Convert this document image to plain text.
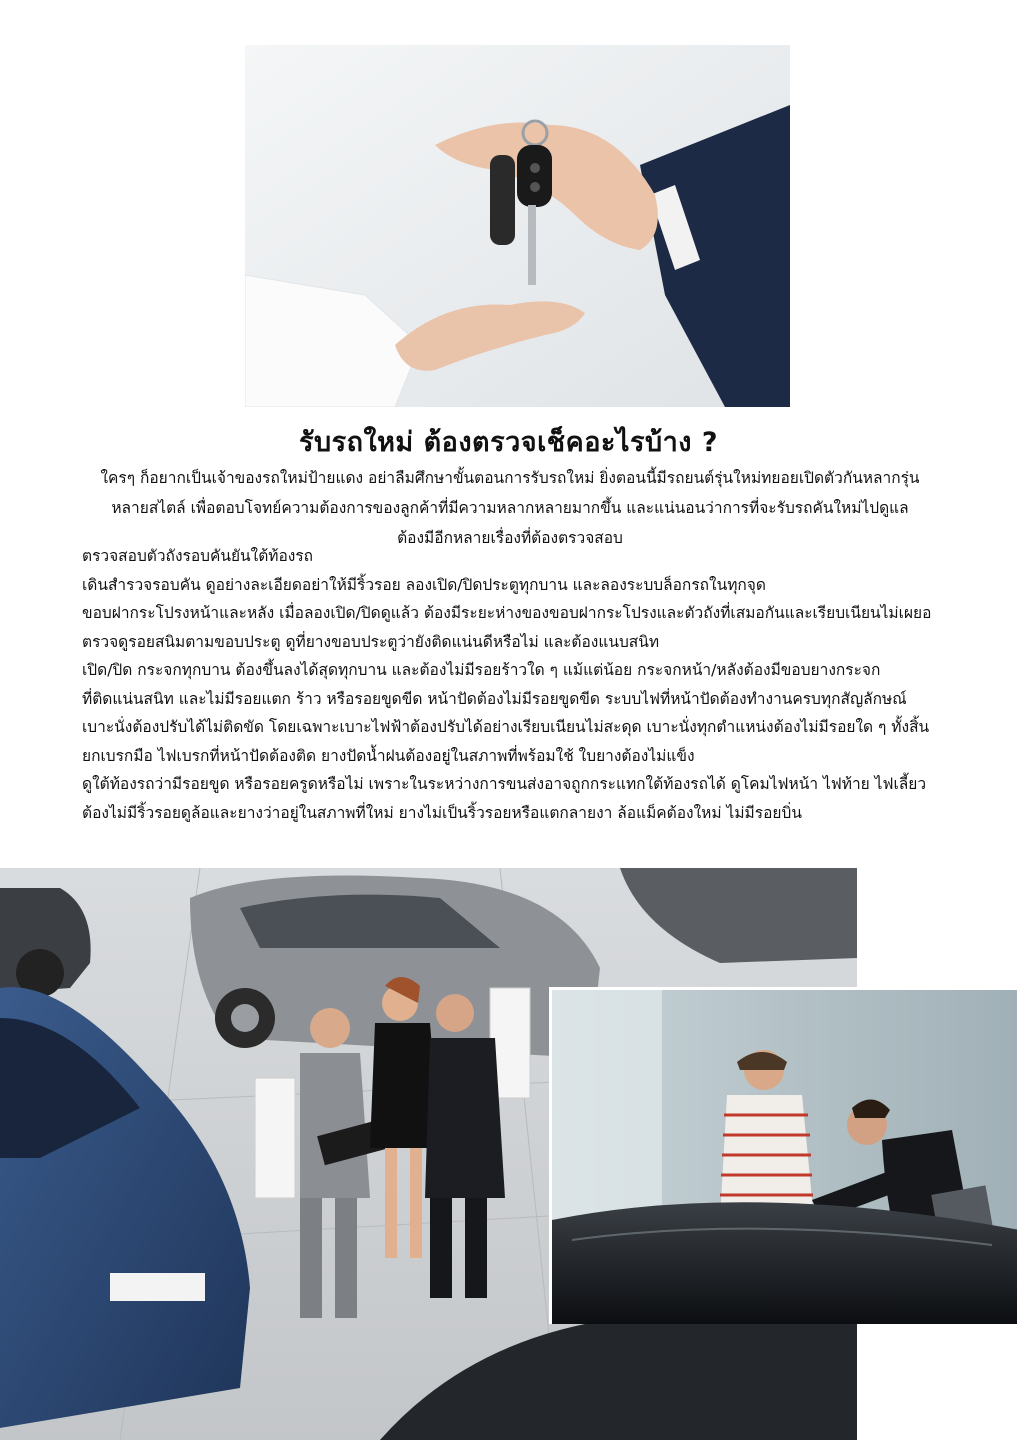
รับรถใหม่ ต้องตรวจเช็คอะไรบ้าง ?

ใครๆ ก็อยากเป็นเจ้าของรถใหม่ป้ายแดง อย่าลืมศึกษาขั้นตอนการรับรถใหม่ ยิ่งตอนนี้มีรถยนต์รุ่นใหม่ทยอยเปิดตัวกันหลากรุ่น
หลายสไตล์ เพื่อตอบโจทย์ความต้องการของลูกค้าที่มีความหลากหลายมากขึ้น และแน่นอนว่าการที่จะรับรถคันใหม่ไปดูแล
ต้องมีอีกหลายเรื่องที่ต้องตรวจสอบ

ตรวจสอบตัวถังรอบคันยันใต้ท้องรถ
เดินสำรวจรอบคัน ดูอย่างละเอียดอย่าให้มีริ้วรอย ลองเปิด/ปิดประตูทุกบาน และลองระบบล็อกรถในทุกจุด
ขอบฝากระโปรงหน้าและหลัง เมื่อลองเปิด/ปิดดูแล้ว ต้องมีระยะห่างของขอบฝากระโปรงและตัวถังที่เสมอกันและเรียบเนียนไม่เผยอ
ตรวจดูรอยสนิมตามขอบประตู ดูที่ยางขอบประตูว่ายังติดแน่นดีหรือไม่ และต้องแนบสนิท
เปิด/ปิด กระจกทุกบาน ต้องขึ้นลงได้สุดทุกบาน และต้องไม่มีรอยร้าวใด ๆ แม้แต่น้อย กระจกหน้า/หลังต้องมีขอบยางกระจก
ที่ติดแน่นสนิท และไม่มีรอยแตก ร้าว หรือรอยขูดขีด หน้าปัดต้องไม่มีรอยขูดขีด ระบบไฟที่หน้าปัดต้องทำงานครบทุกสัญลักษณ์
เบาะนั่งต้องปรับได้ไม่ติดขัด โดยเฉพาะเบาะไฟฟ้าต้องปรับได้อย่างเรียบเนียนไม่สะดุด เบาะนั่งทุกตำแหน่งต้องไม่มีรอยใด ๆ ทั้งสิ้น
ยกเบรกมือ ไฟเบรกที่หน้าปัดต้องติด ยางปัดน้ำฝนต้องอยู่ในสภาพที่พร้อมใช้ ใบยางต้องไม่แข็ง
ดูใต้ท้องรถว่ามีรอยขูด หรือรอยครูดหรือไม่ เพราะในระหว่างการขนส่งอาจถูกกระแทกใต้ท้องรถได้ ดูโคมไฟหน้า ไฟท้าย ไฟเลี้ยว
ต้องไม่มีริ้วรอยดูล้อและยางว่าอยู่ในสภาพที่ใหม่ ยางไม่เป็นริ้วรอยหรือแตกลายงา ล้อแม็คต้องใหม่ ไม่มีรอยบิ่น
